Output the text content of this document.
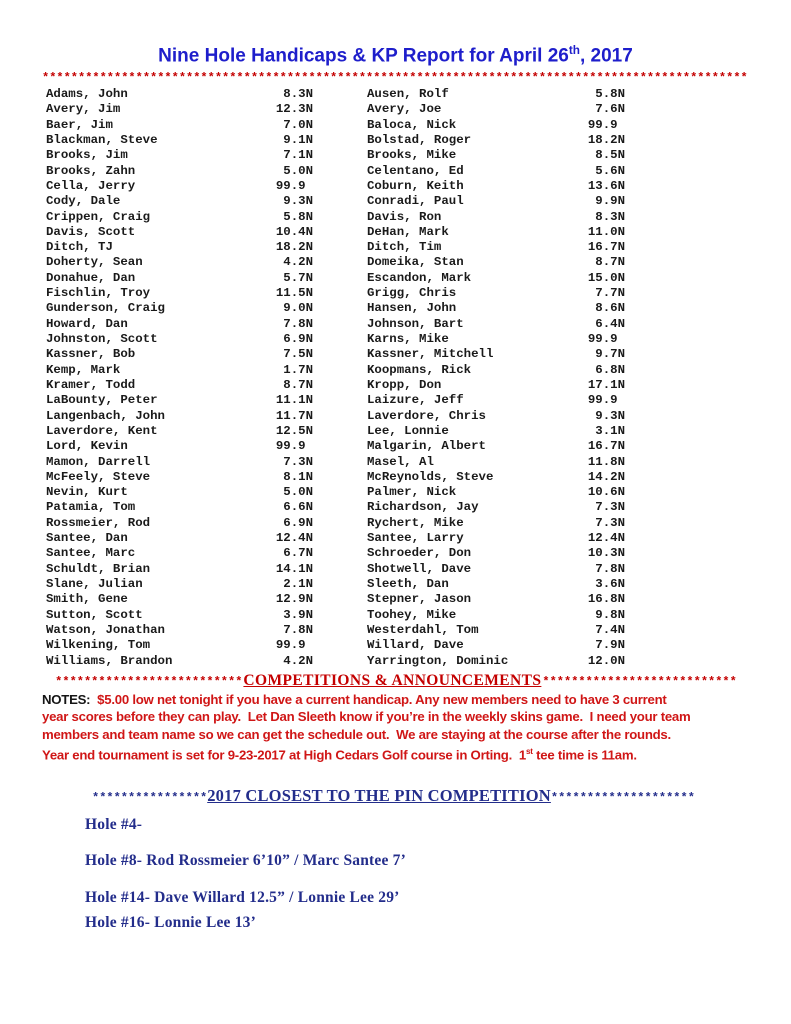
Nine Hole Handicaps & KP Report for April 26th, 2017
**************************************************************************************************
Adams, John	8.3N
Avery, Jim	12.3N
Baer, Jim	7.0N
Blackman, Steve	9.1N
Brooks, Jim	7.1N
Brooks, Zahn	5.0N
Cella, Jerry	99.9
Cody, Dale	9.3N
Crippen, Craig	5.8N
Davis, Scott	10.4N
Ditch, TJ	18.2N
Doherty, Sean	4.2N
Donahue, Dan	5.7N
Fischlin, Troy	11.5N
Gunderson, Craig	9.0N
Howard, Dan	7.8N
Johnston, Scott	6.9N
Kassner, Bob	7.5N
Kemp, Mark	1.7N
Kramer, Todd	8.7N
LaBounty, Peter	11.1N
Langenbach, John	11.7N
Laverdore, Kent	12.5N
Lord, Kevin	99.9
Mamon, Darrell	7.3N
McFeely, Steve	8.1N
Nevin, Kurt	5.0N
Patamia, Tom	6.6N
Rossmeier, Rod	6.9N
Santee, Dan	12.4N
Santee, Marc	6.7N
Schuldt, Brian	14.1N
Slane, Julian	2.1N
Smith, Gene	12.9N
Sutton, Scott	3.9N
Watson, Jonathan	7.8N
Wilkening, Tom	99.9
Williams, Brandon	4.2N
Ausen, Rolf	5.8N
Avery, Joe	7.6N
Baloca, Nick	99.9
Bolstad, Roger	18.2N
Brooks, Mike	8.5N
Celentano, Ed	5.6N
Coburn, Keith	13.6N
Conradi, Paul	9.9N
Davis, Ron	8.3N
DeHan, Mark	11.0N
Ditch, Tim	16.7N
Domeika, Stan	8.7N
Escandon, Mark	15.0N
Grigg, Chris	7.7N
Hansen, John	8.6N
Johnson, Bart	6.4N
Karns, Mike	99.9
Kassner, Mitchell	9.7N
Koopmans, Rick	6.8N
Kropp, Don	17.1N
Laizure, Jeff	99.9
Laverdore, Chris	9.3N
Lee, Lonnie	3.1N
Malgarin, Albert	16.7N
Masel, Al	11.8N
McReynolds, Steve	14.2N
Palmer, Nick	10.6N
Richardson, Jay	7.3N
Rychert, Mike	7.3N
Santee, Larry	12.4N
Schroeder, Don	10.3N
Shotwell, Dave	7.8N
Sleeth, Dan	3.6N
Stepner, Jason	16.8N
Toohey, Mike	9.8N
Westerdahl, Tom	7.4N
Willard, Dave	7.9N
Yarrington, Dominic	12.0N
************************** COMPETITIONS & ANNOUNCEMENTS ***************************
NOTES:  $5.00 low net tonight if you have a current handicap. Any new members need to have 3 current
year scores before they can play.  Let Dan Sleeth know if you’re in the weekly skins game.  I need your team
members and team name so we can get the schedule out.  We are staying at the course after the rounds.
Year end tournament is set for 9-23-2017 at High Cedars Golf course in Orting.  1st tee time is 11am.
**************** 2017 CLOSEST TO THE PIN COMPETITION ********************
Hole #4-
Hole #8- Rod Rossmeier 6’10” / Marc Santee 7’
Hole #14- Dave Willard 12.5” / Lonnie Lee 29’
Hole #16- Lonnie Lee 13’
